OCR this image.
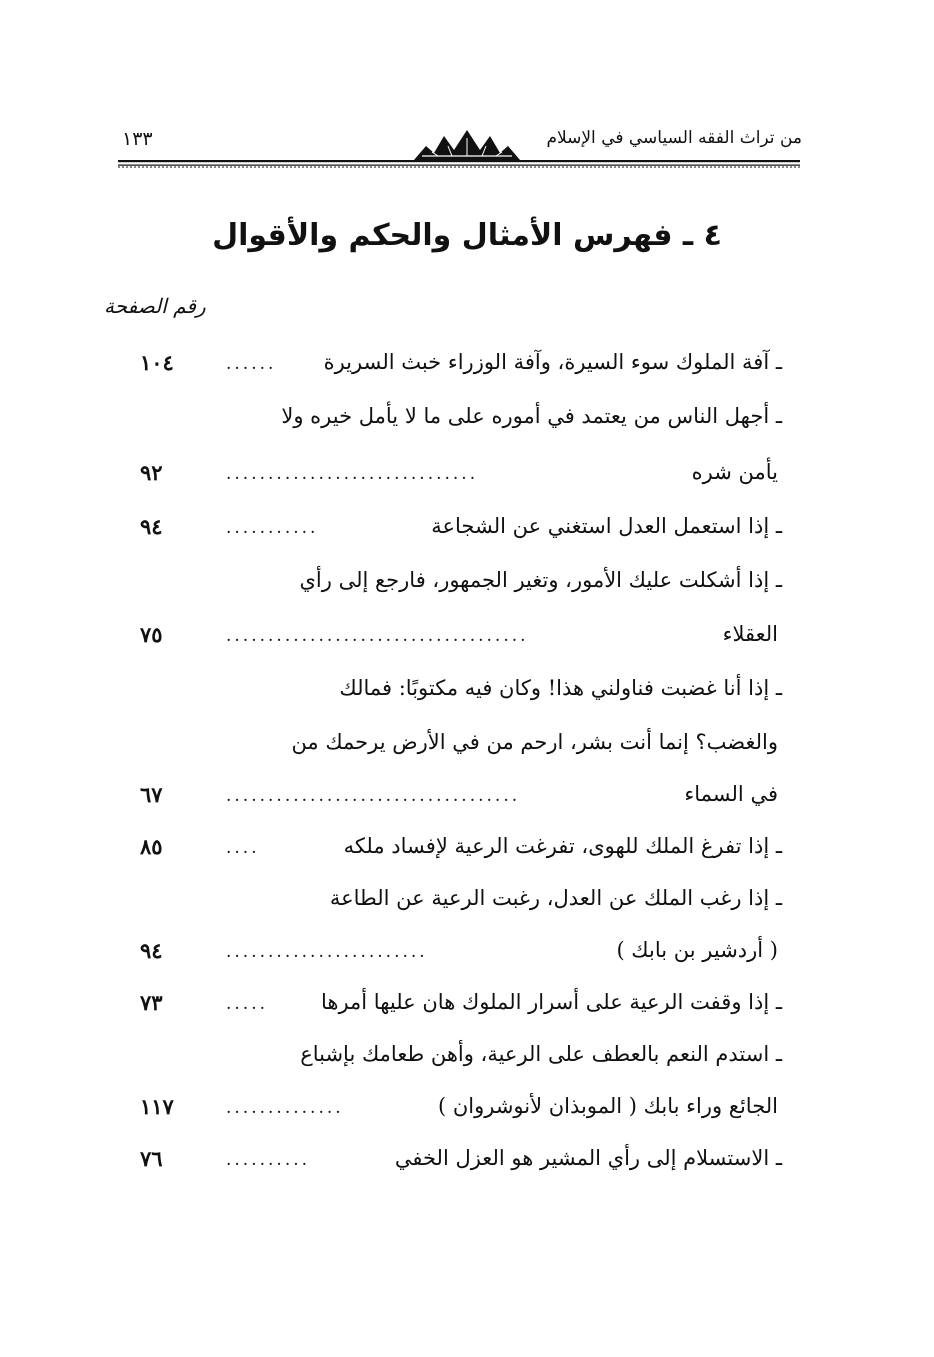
من تراث الفقه السياسي في الإسلام
١٣٣
٤ ـ فهرس الأمثال والحكم والأقوال
رقم الصفحة
ـ آفة الملوك سوء السيرة، وآفة الوزراء خبث السريرة
......
١٠٤
ـ أجهل الناس من يعتمد في أموره على ما لا يأمل خيره ولا
يأمن شره
..............................
٩٢
ـ إذا استعمل العدل استغني عن الشجاعة
...........
٩٤
ـ إذا أشكلت عليك الأمور، وتغير الجمهور، فارجع إلى رأي
العقلاء
....................................
٧٥
ـ إذا أنا غضبت فناولني هذا! وكان فيه مكتوبًا: فمالك
والغضب؟ إنما أنت بشر، ارحم من في الأرض يرحمك من
في السماء
...................................
٦٧
ـ إذا تفرغ الملك للهوى، تفرغت الرعية لإفساد ملكه
....
٨٥
ـ إذا رغب الملك عن العدل، رغبت الرعية عن الطاعة
( أردشير بن بابك )
........................
٩٤
ـ إذا وقفت الرعية على أسرار الملوك هان عليها أمرها
.....
٧٣
ـ استدم النعم بالعطف على الرعية، وأهن طعامك بإشباع
الجائع وراء بابك ( الموبذان لأنوشروان )
..............
١١٧
ـ الاستسلام إلى رأي المشير هو العزل الخفي
..........
٧٦
